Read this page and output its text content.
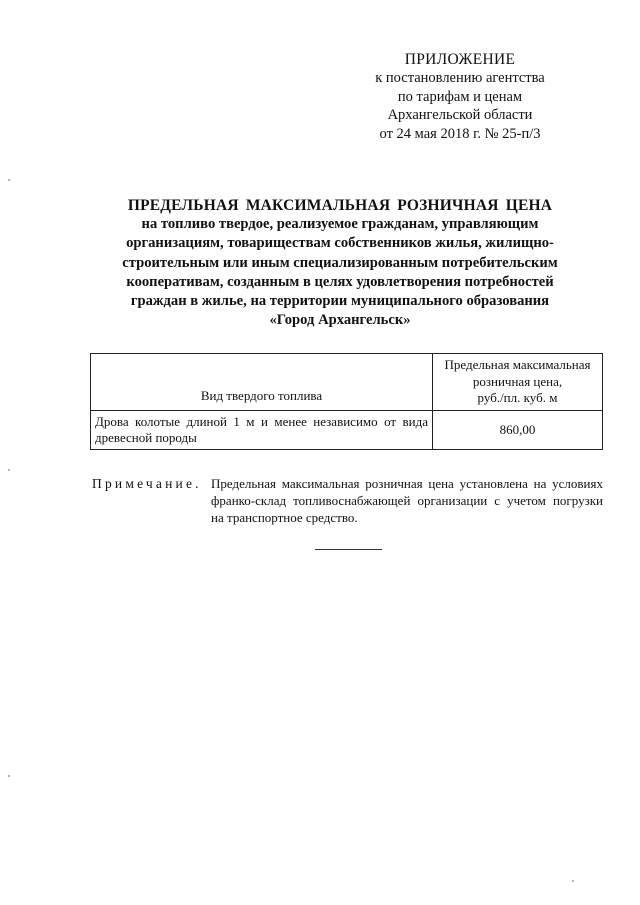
ПРИЛОЖЕНИЕ
к постановлению агентства
по тарифам и ценам
Архангельской области
от 24 мая 2018 г. № 25-п/3
ПРЕДЕЛЬНАЯ МАКСИМАЛЬНАЯ РОЗНИЧНАЯ ЦЕНА
на топливо твердое, реализуемое гражданам, управляющим
организациям, товариществам собственников жилья, жилищно-
строительным или иным специализированным потребительским
кооперативам, созданным в целях удовлетворения потребностей
граждан в жилье, на территории муниципального образования
«Город Архангельск»
Вид твердого топлива	Предельная максимальная
розничная цена,
руб./пл. куб. м

Дрова колотые длиной 1 м и менее независимо от вида древесной породы	860,00
Примечание. Предельная максимальная розничная цена установлена на условиях
франко-склад топливоснабжающей организации с учетом погрузки
на транспортное средство.
